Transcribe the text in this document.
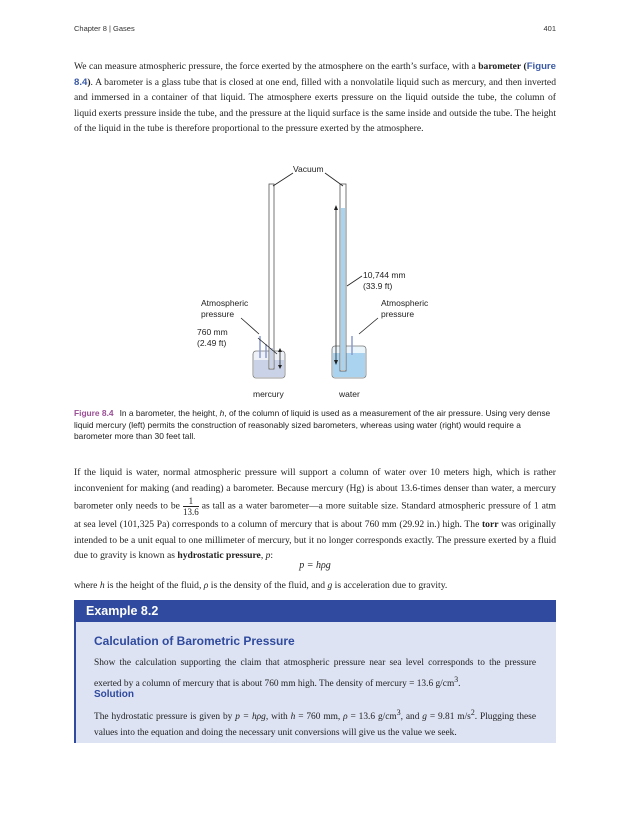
Chapter 8 | Gases	401
We can measure atmospheric pressure, the force exerted by the atmosphere on the earth’s surface, with a barometer (Figure 8.4). A barometer is a glass tube that is closed at one end, filled with a nonvolatile liquid such as mercury, and then inverted and immersed in a container of that liquid. The atmosphere exerts pressure on the liquid outside the tube, the column of liquid exerts pressure inside the tube, and the pressure at the liquid surface is the same inside and outside the tube. The height of the liquid in the tube is therefore proportional to the pressure exerted by the atmosphere.
Vacuum
10,744 mm
(33.9 ft)
Atmospheric
pressure
Atmospheric
pressure
760 mm
(2.49 ft)
mercury	water
Figure 8.4 In a barometer, the height, h, of the column of liquid is used as a measurement of the air pressure. Using very dense liquid mercury (left) permits the construction of reasonably sized barometers, whereas using water (right) would require a barometer more than 30 feet tall.
If the liquid is water, normal atmospheric pressure will support a column of water over 10 meters high, which is rather inconvenient for making (and reading) a barometer. Because mercury (Hg) is about 13.6-times denser than water, a mercury barometer only needs to be $\frac{1}{13.6}$ as tall as a water barometer—a more suitable size. Standard atmospheric pressure of 1 atm at sea level (101,325 Pa) corresponds to a column of mercury that is about 760 mm (29.92 in.) high. The torr was originally intended to be a unit equal to one millimeter of mercury, but it no longer corresponds exactly. The pressure exerted by a fluid due to gravity is known as hydrostatic pressure, p:
p = hρg
where h is the height of the fluid, ρ is the density of the fluid, and g is acceleration due to gravity.
Example 8.2
Calculation of Barometric Pressure
Show the calculation supporting the claim that atmospheric pressure near sea level corresponds to the pressure exerted by a column of mercury that is about 760 mm high. The density of mercury = 13.6 $g/cm^3$.
Solution
The hydrostatic pressure is given by p = hρg, with h = 760 mm, ρ = 13.6 $g/cm^3$, and g = 9.81 $m/s^2$. Plugging these values into the equation and doing the necessary unit conversions will give us the value we seek.
